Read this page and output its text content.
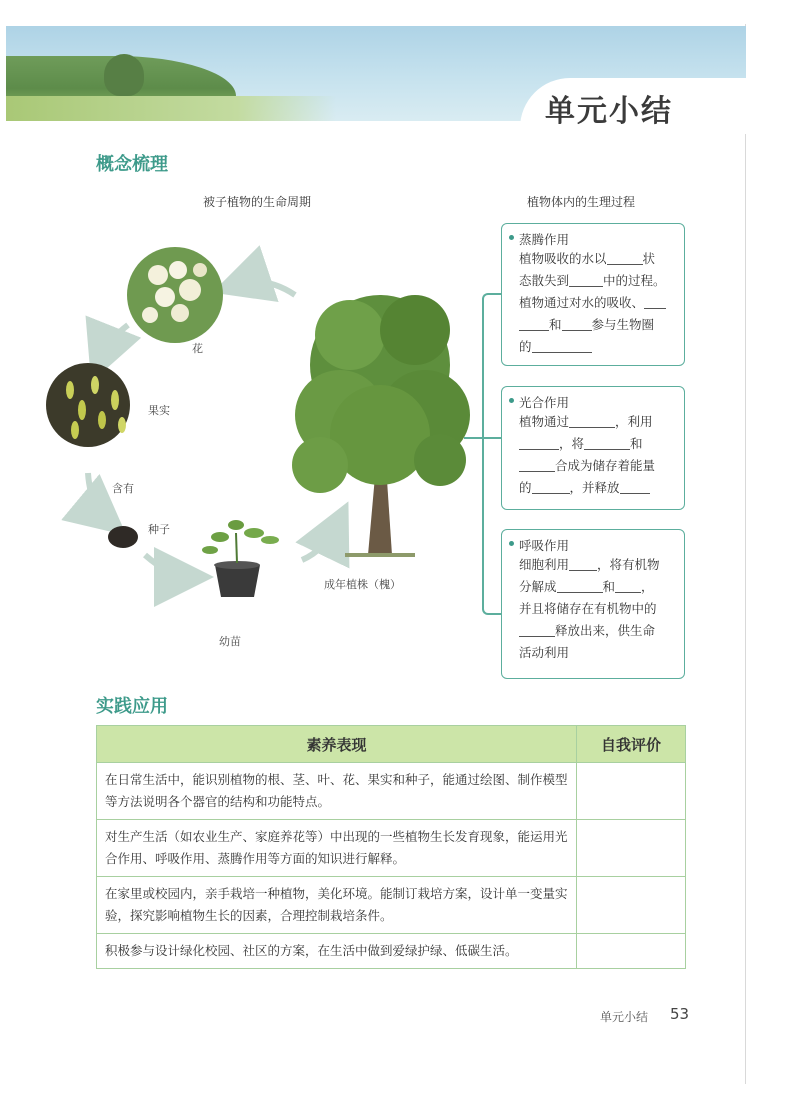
单元小结
概念梳理
被子植物的生命周期	植物体内的生理过程
花
果实
含有
种子
幼苗
成年植株（槐）
蒸腾作用
植物吸收的水以	状
态散失到	中的过程。
植物通过对水的吸收、
和 参与生物圈
的
光合作用
植物通过	，利用
，将	和
合成为储存着能量
的	，并释放
呼吸作用
细胞利用 ，将有机物
分解成	和 ，
并且将储存在有机物中的
释放出来，供生命
活动利用
实践应用
素养表现	自我评价
在日常生活中，能识别植物的根、茎、叶、花、果实和种子，能通过绘图、制作模型等方法说明各个器官的结构和功能特点。	
对生产生活（如农业生产、家庭养花等）中出现的一些植物生长发育现象，能运用光合作用、呼吸作用、蒸腾作用等方面的知识进行解释。	
在家里或校园内，亲手栽培一种植物，美化环境。能制订栽培方案，设计单一变量实验，探究影响植物生长的因素，合理控制栽培条件。	
积极参与设计绿化校园、社区的方案，在生活中做到爱绿护绿、低碳生活。	
单元小结 53
